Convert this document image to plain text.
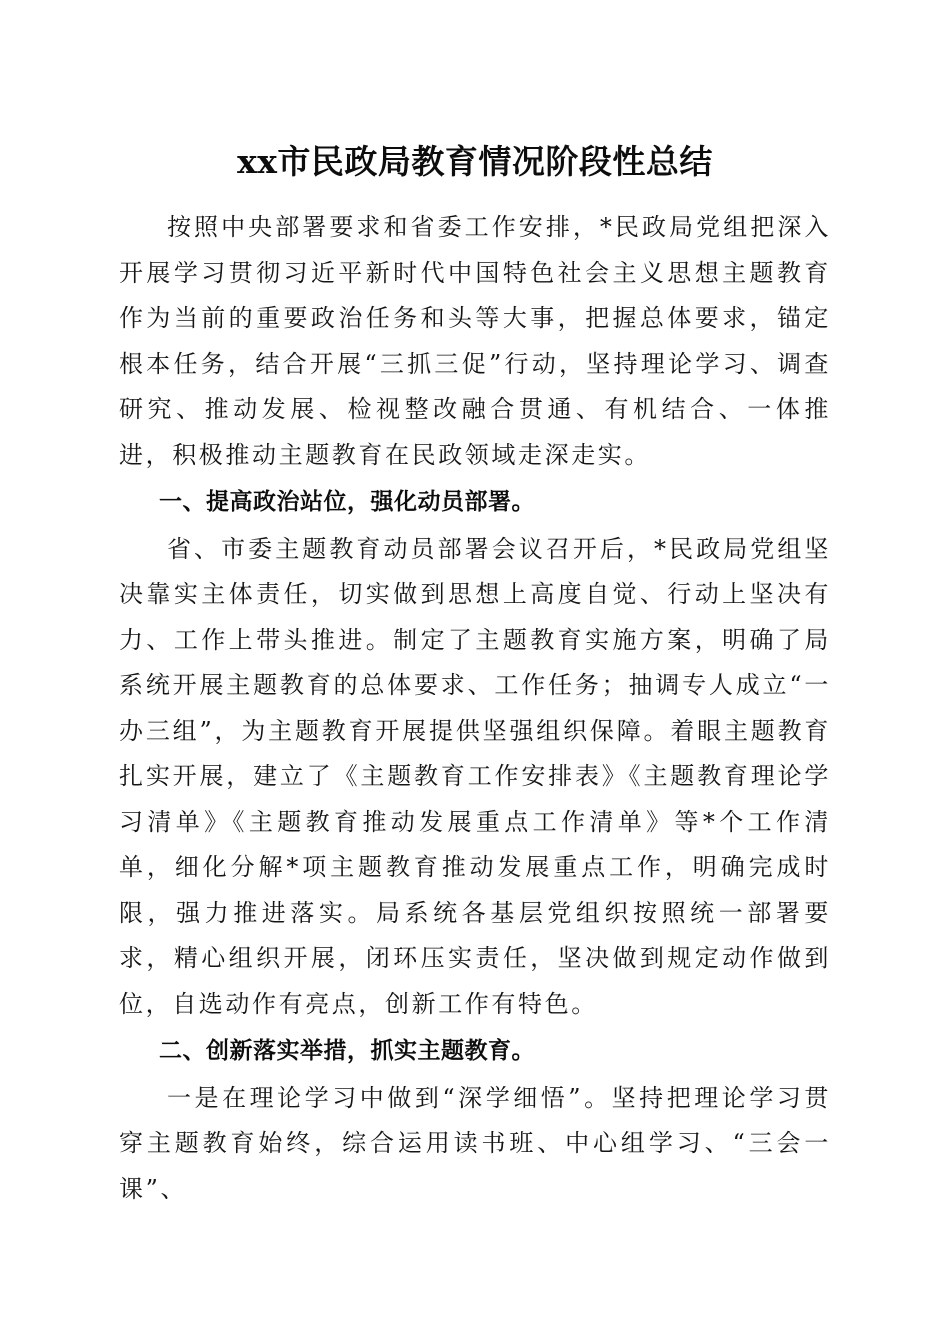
xx市民政局教育情况阶段性总结

按照中央部署要求和省委工作安排，*民政局党组把深入开展学习贯彻习近平新时代中国特色社会主义思想主题教育作为当前的重要政治任务和头等大事，把握总体要求，锚定根本任务，结合开展“三抓三促”行动，坚持理论学习、调查研究、推动发展、检视整改融合贯通、有机结合、一体推进，积极推动主题教育在民政领域走深走实。

一、提高政治站位，强化动员部署。

省、市委主题教育动员部署会议召开后，*民政局党组坚决靠实主体责任，切实做到思想上高度自觉、行动上坚决有力、工作上带头推进。制定了主题教育实施方案，明确了局系统开展主题教育的总体要求、工作任务；抽调专人成立“一办三组”，为主题教育开展提供坚强组织保障。着眼主题教育扎实开展，建立了《主题教育工作安排表》《主题教育理论学习清单》《主题教育推动发展重点工作清单》等*个工作清单，细化分解*项主题教育推动发展重点工作，明确完成时限，强力推进落实。局系统各基层党组织按照统一部署要求，精心组织开展，闭环压实责任，坚决做到规定动作做到位，自选动作有亮点，创新工作有特色。

二、创新落实举措，抓实主题教育。

一是在理论学习中做到“深学细悟”。坚持把理论学习贯穿主题教育始终，综合运用读书班、中心组学习、“三会一课”、
